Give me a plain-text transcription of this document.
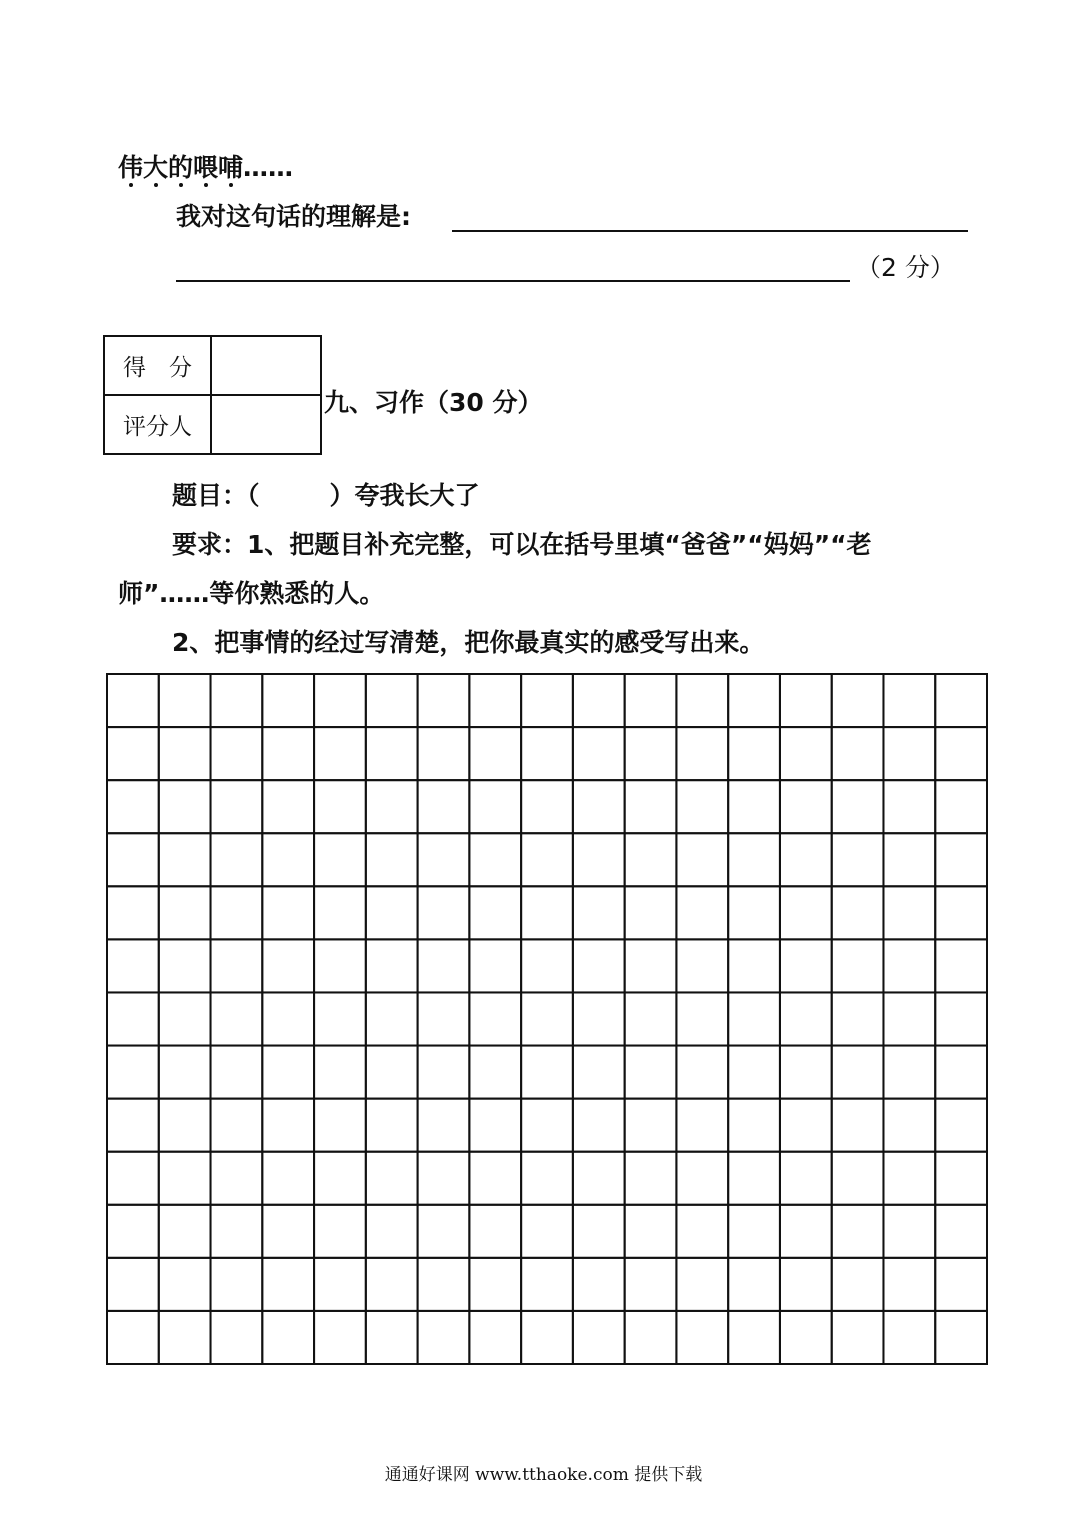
伟大的喂哺
……
我对这句话的理解是:
（2 分）
得　分	
评分人	
九、习作（30 分）
题目：（	）夸我长大了
要求：1、把题目补充完整，可以在括号里填“爸爸”“妈妈”“老
师”……等你熟悉的人。
2、把事情的经过写清楚，把你最真实的感受写出来。
通通好课网 www.tthaoke.com 提供下载
